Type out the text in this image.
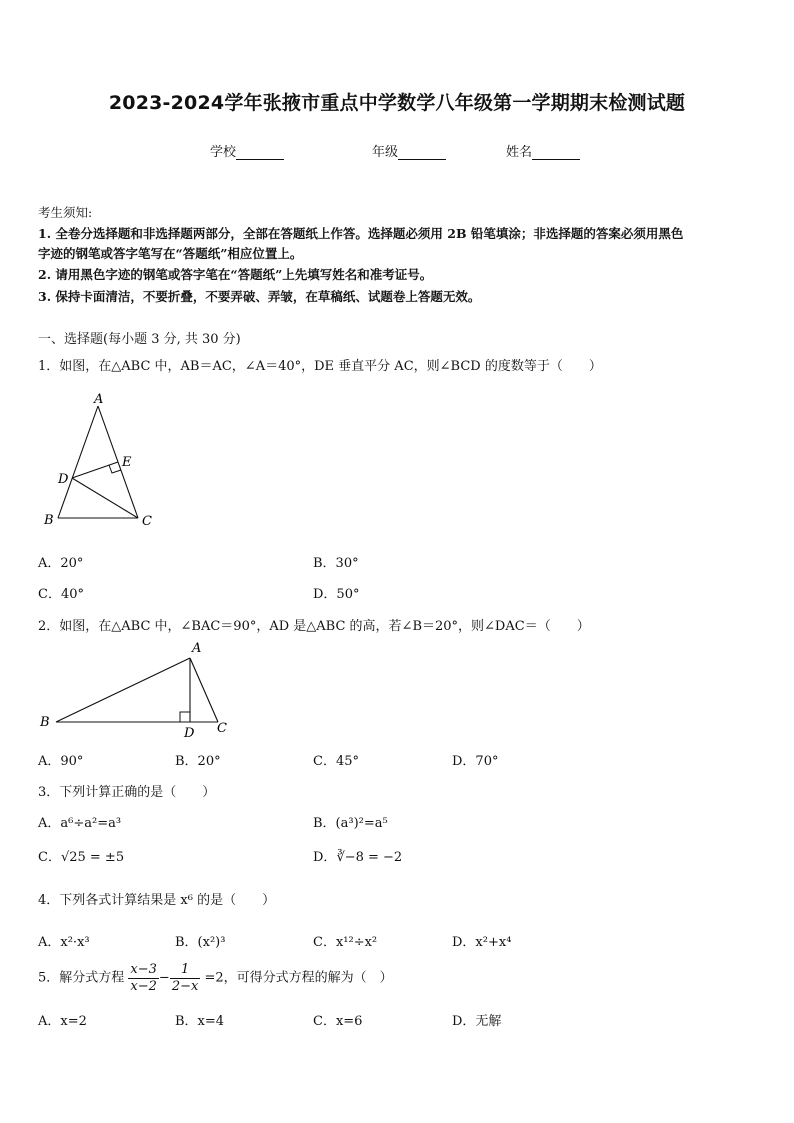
2023-2024学年张掖市重点中学数学八年级第一学期期末检测试题
学校	年级	姓名
考生须知:
1. 全卷分选择题和非选择题两部分，全部在答题纸上作答。选择题必须用 2B 铅笔填涂；非选择题的答案必须用黑色
字迹的钢笔或答字笔写在“答题纸”相应位置上。
2. 请用黑色字迹的钢笔或答字笔在“答题纸”上先填写姓名和准考证号。
3. 保持卡面清洁，不要折叠，不要弄破、弄皱，在草稿纸、试题卷上答题无效。
一、选择题(每小题 3 分, 共 30 分)
1．如图，在△ABC 中，AB＝AC，∠A＝40°，DE 垂直平分 AC，则∠BCD 的度数等于（　　）
A
B	C
D
E
A．20°	B．30°
C．40°	D．50°
2．如图，在△ABC 中，∠BAC＝90°，AD 是△ABC 的高，若∠B＝20°，则∠DAC＝（　　）
A
B	C
D
A．90°	B．20°	C．45°	D．70°
3．下列计算正确的是（　　）
A．a⁶÷a²=a³	B．(a³)²=a⁵
C．√25 = ±5	D．∛−8 = −2
4．下列各式计算结果是 x⁶ 的是（　　）
A．x²·x³	B．(x²)³	C．x¹²÷x²	D．x²+x⁴
5．解分式方程 $\frac{x-3}{x-2} - \frac{1}{2-x} =2$，可得分式方程的解为（　）
A．x=2	B．x=4	C．x=6	D．无解
